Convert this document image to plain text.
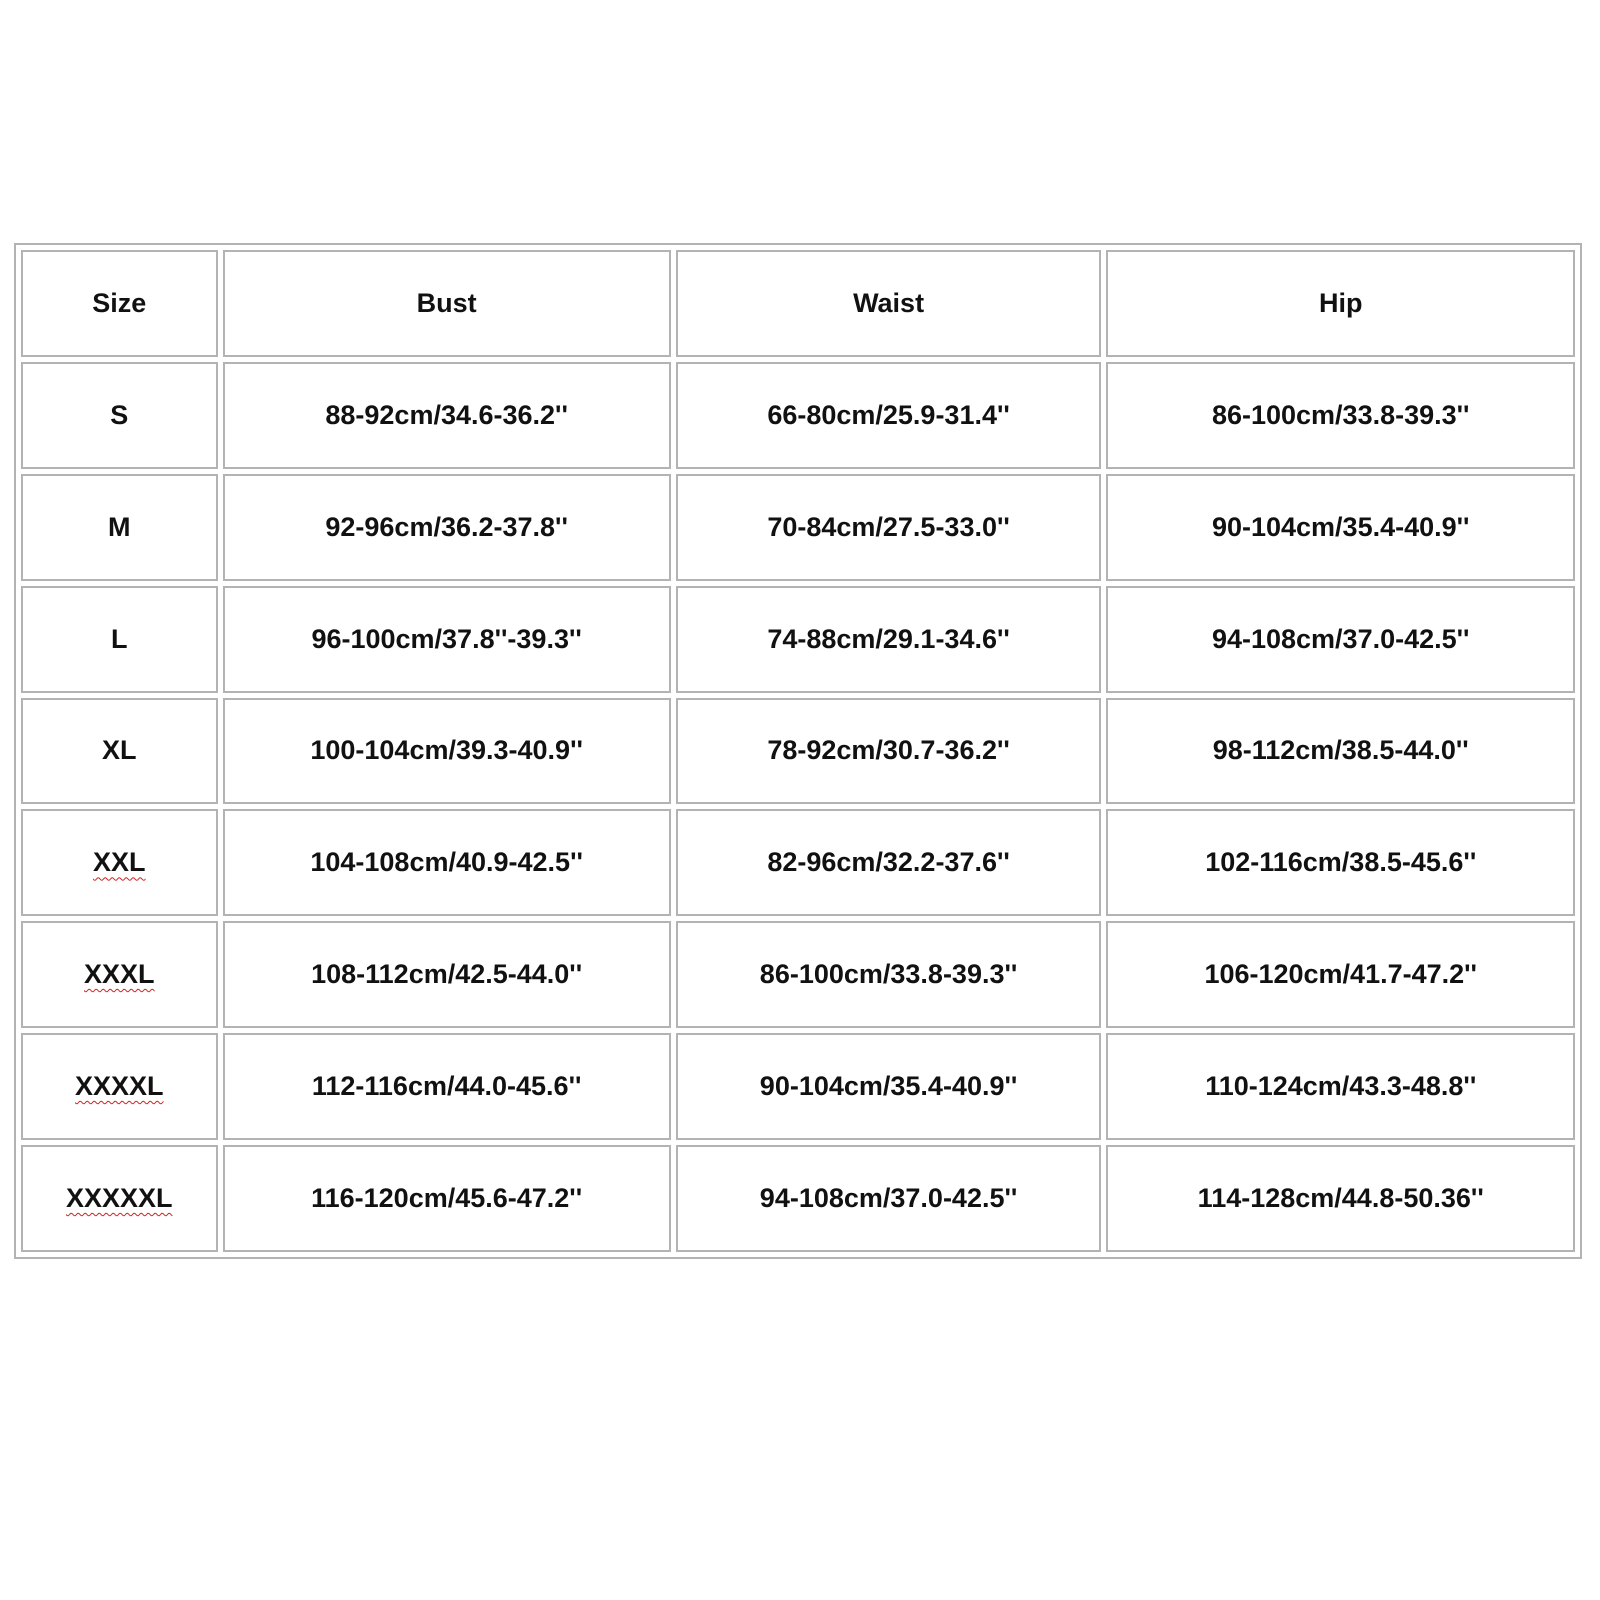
Size	Bust	Waist	Hip
S	88-92cm/34.6-36.2''	66-80cm/25.9-31.4''	86-100cm/33.8-39.3''
M	92-96cm/36.2-37.8''	70-84cm/27.5-33.0''	90-104cm/35.4-40.9''
L	96-100cm/37.8''-39.3''	74-88cm/29.1-34.6''	94-108cm/37.0-42.5''
XL	100-104cm/39.3-40.9''	78-92cm/30.7-36.2''	98-112cm/38.5-44.0''
XXL	104-108cm/40.9-42.5''	82-96cm/32.2-37.6''	102-116cm/38.5-45.6''
XXXL	108-112cm/42.5-44.0''	86-100cm/33.8-39.3''	106-120cm/41.7-47.2''
XXXXL	112-116cm/44.0-45.6''	90-104cm/35.4-40.9''	110-124cm/43.3-48.8''
XXXXXL	116-120cm/45.6-47.2''	94-108cm/37.0-42.5''	114-128cm/44.8-50.36''
